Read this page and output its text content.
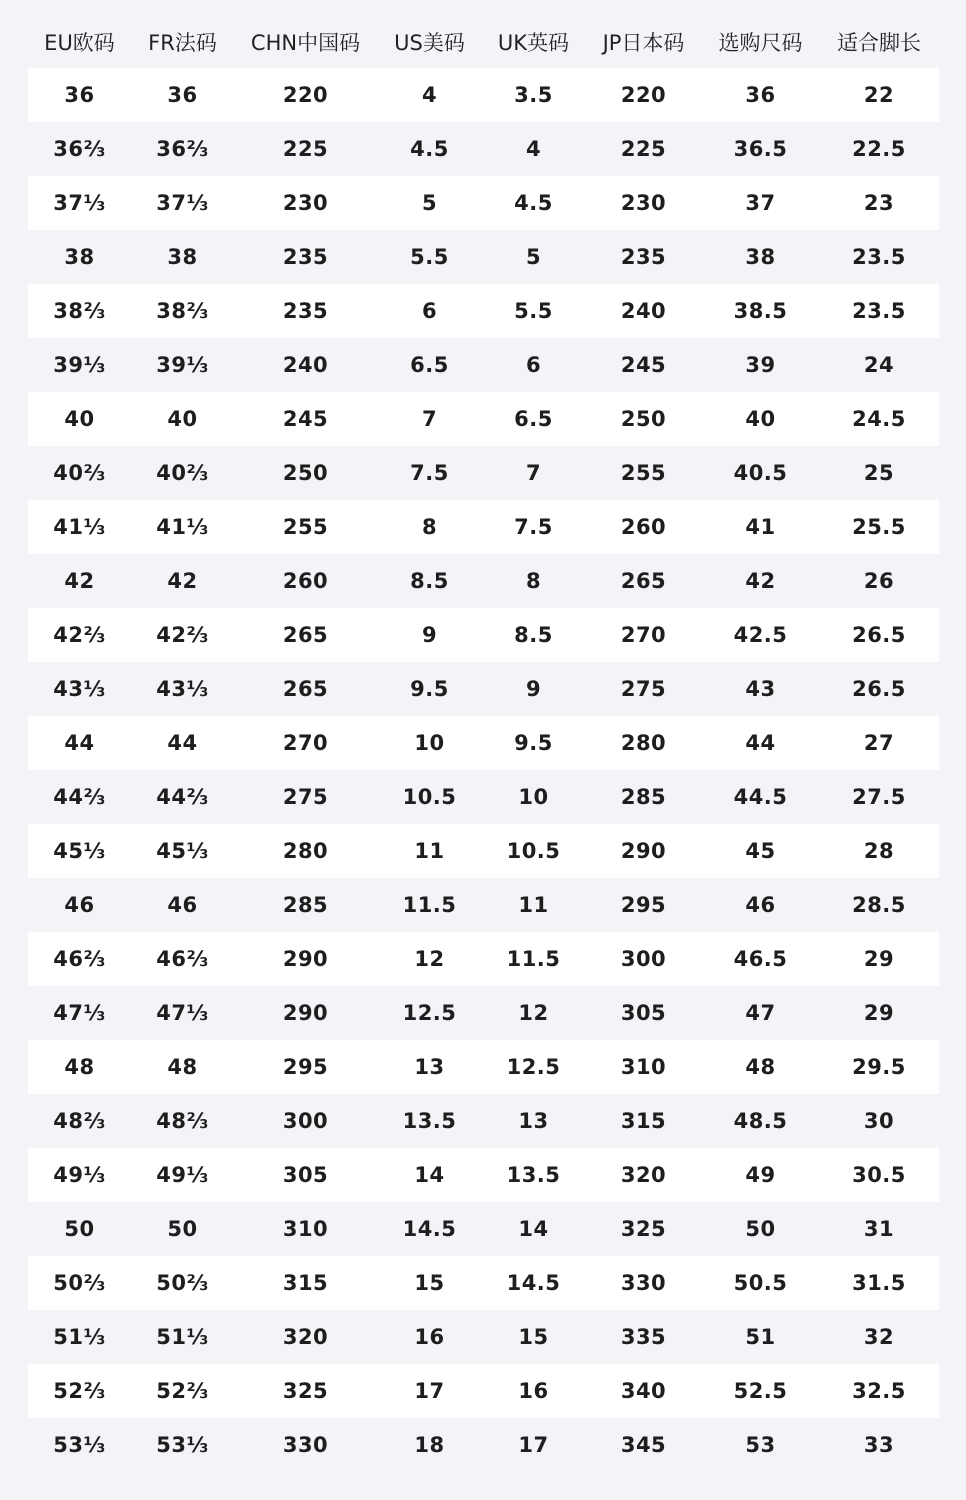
EU欧码	FR法码	CHN中国码	US美码	UK英码	JP日本码	选购尺码	适合脚长
36	36	220	4	3.5	220	36	22
36⅔	36⅔	225	4.5	4	225	36.5	22.5
37⅓	37⅓	230	5	4.5	230	37	23
38	38	235	5.5	5	235	38	23.5
38⅔	38⅔	235	6	5.5	240	38.5	23.5
39⅓	39⅓	240	6.5	6	245	39	24
40	40	245	7	6.5	250	40	24.5
40⅔	40⅔	250	7.5	7	255	40.5	25
41⅓	41⅓	255	8	7.5	260	41	25.5
42	42	260	8.5	8	265	42	26
42⅔	42⅔	265	9	8.5	270	42.5	26.5
43⅓	43⅓	265	9.5	9	275	43	26.5
44	44	270	10	9.5	280	44	27
44⅔	44⅔	275	10.5	10	285	44.5	27.5
45⅓	45⅓	280	11	10.5	290	45	28
46	46	285	11.5	11	295	46	28.5
46⅔	46⅔	290	12	11.5	300	46.5	29
47⅓	47⅓	290	12.5	12	305	47	29
48	48	295	13	12.5	310	48	29.5
48⅔	48⅔	300	13.5	13	315	48.5	30
49⅓	49⅓	305	14	13.5	320	49	30.5
50	50	310	14.5	14	325	50	31
50⅔	50⅔	315	15	14.5	330	50.5	31.5
51⅓	51⅓	320	16	15	335	51	32
52⅔	52⅔	325	17	16	340	52.5	32.5
53⅓	53⅓	330	18	17	345	53	33
